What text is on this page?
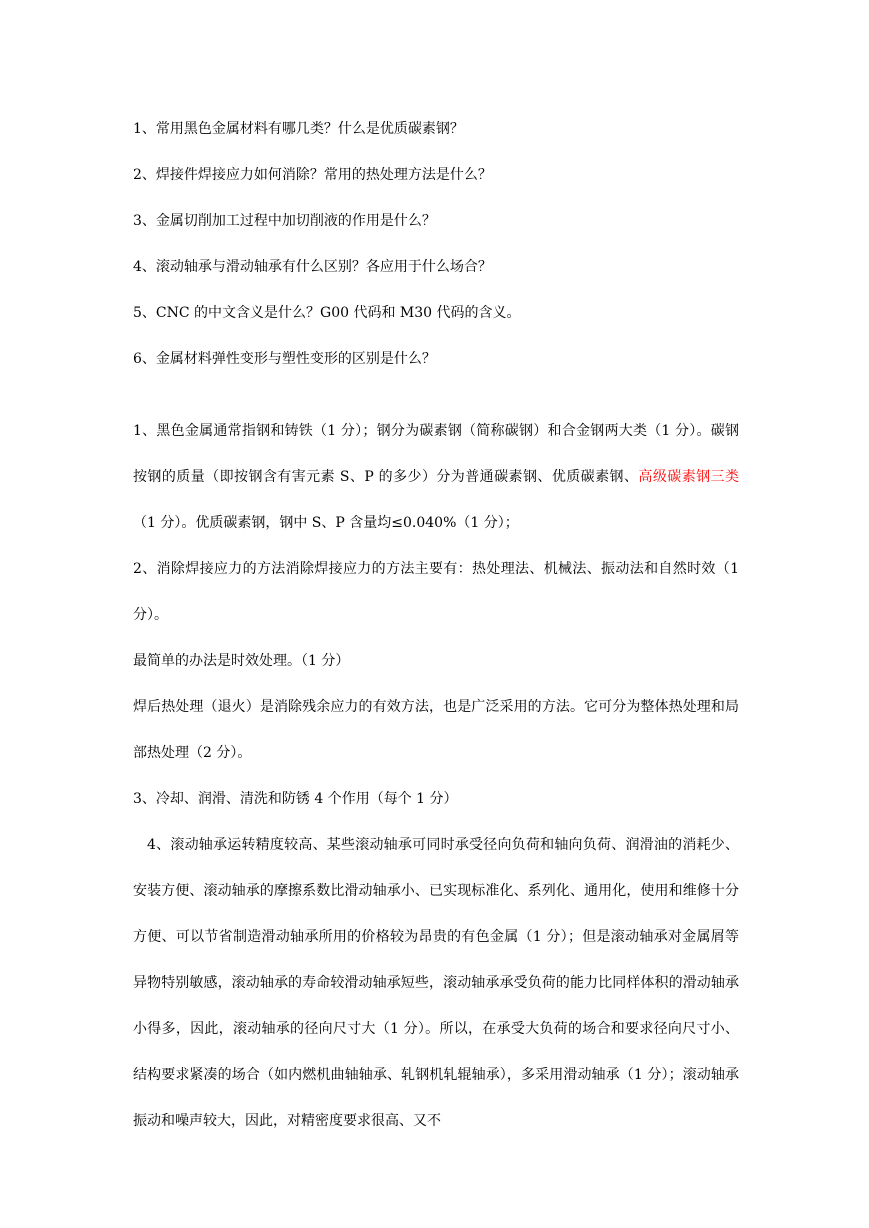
1、常用黑色金属材料有哪几类？什么是优质碳素钢？
2、焊接件焊接应力如何消除？常用的热处理方法是什么？
3、金属切削加工过程中加切削液的作用是什么？
4、滚动轴承与滑动轴承有什么区别？各应用于什么场合？
5、CNC 的中文含义是什么？G00 代码和 M30 代码的含义。
6、金属材料弹性变形与塑性变形的区别是什么？

1、黑色金属通常指钢和铸铁（1 分）；钢分为碳素钢（简称碳钢）和合金钢两大类（1 分）。碳钢按钢的质量（即按钢含有害元素 S、P 的多少）分为普通碳素钢、优质碳素钢、高级碳素钢三类（1 分）。优质碳素钢，钢中 S、P 含量均≤0.040%（1 分）；

2、消除焊接应力的方法消除焊接应力的方法主要有：热处理法、机械法、振动法和自然时效（1 分）。

最简单的办法是时效处理。（1 分）

焊后热处理（退火）是消除残余应力的有效方法，也是广泛采用的方法。它可分为整体热处理和局部热处理（2 分）。

3、冷却、润滑、清洗和防锈 4 个作用（每个 1 分）

4、滚动轴承运转精度较高、某些滚动轴承可同时承受径向负荷和轴向负荷、润滑油的消耗少、安装方便、滚动轴承的摩擦系数比滑动轴承小、已实现标准化、系列化、通用化，使用和维修十分方便、可以节省制造滑动轴承所用的价格较为昂贵的有色金属（1 分）；但是滚动轴承对金属屑等异物特别敏感，滚动轴承的寿命较滑动轴承短些，滚动轴承承受负荷的能力比同样体积的滑动轴承小得多，因此，滚动轴承的径向尺寸大（1 分）。所以，在承受大负荷的场合和要求径向尺寸小、结构要求紧凑的场合（如内燃机曲轴轴承、轧钢机轧辊轴承），多采用滑动轴承（1 分）；滚动轴承振动和噪声较大，因此，对精密度要求很高、又不
